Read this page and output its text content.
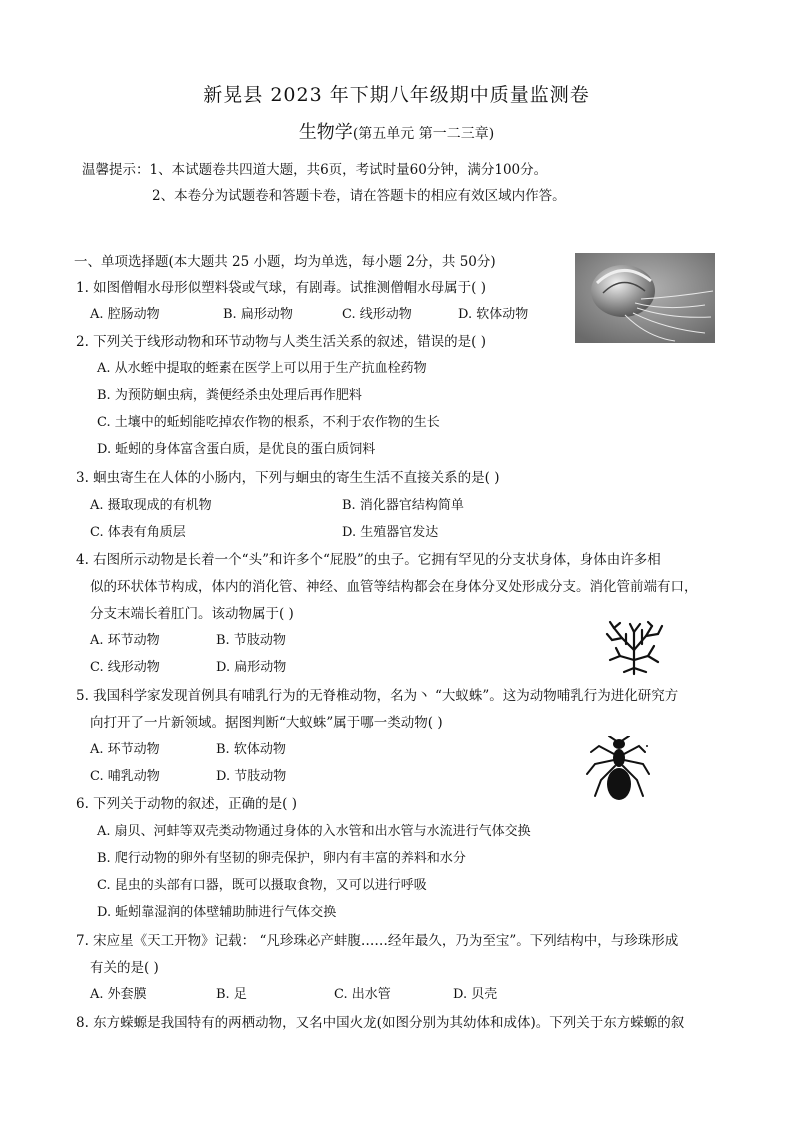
新晃县 2023 年下期八年级期中质量监测卷
生物学(第五单元 第一二三章)
温馨提示：1、本试题卷共四道大题，共6页，考试时量60分钟，满分100分。
2、本卷分为试题卷和答题卡卷，请在答题卡的相应有效区域内作答。
一、单项选择题(本大题共 25 小题，均为单选，每小题 2分，共 50分)
1. 如图僧帽水母形似塑料袋或气球，有剧毒。试推测僧帽水母属于( )
A. 腔肠动物	B. 扁形动物	C. 线形动物	D. 软体动物
2. 下列关于线形动物和环节动物与人类生活关系的叙述，错误的是( )
A. 从水蛭中提取的蛭素在医学上可以用于生产抗血栓药物
B. 为预防蛔虫病，粪便经杀虫处理后再作肥料
C. 土壤中的蚯蚓能吃掉农作物的根系，不利于农作物的生长
D. 蚯蚓的身体富含蛋白质，是优良的蛋白质饲料
3. 蛔虫寄生在人体的小肠内，下列与蛔虫的寄生生活不直接关系的是( )
A. 摄取现成的有机物	B. 消化器官结构简单
C. 体表有角质层	D. 生殖器官发达
4. 右图所示动物是长着一个“头”和许多个“屁股”的虫子。它拥有罕见的分支状身体，身体由许多相
似的环状体节构成，体内的消化管、神经、血管等结构都会在身体分叉处形成分支。消化管前端有口，
分支末端长着肛门。该动物属于( )
A. 环节动物	B. 节肢动物
C. 线形动物	D. 扁形动物
5. 我国科学家发现首例具有哺乳行为的无脊椎动物，名为丶 “大蚁蛛”。这为动物哺乳行为进化研究方
向打开了一片新领域。据图判断“大蚁蛛”属于哪一类动物( )
A. 环节动物	B. 软体动物
C. 哺乳动物	D. 节肢动物
6. 下列关于动物的叙述，正确的是( )
A. 扇贝、河蚌等双壳类动物通过身体的入水管和出水管与水流进行气体交换
B. 爬行动物的卵外有坚韧的卵壳保护，卵内有丰富的养料和水分
C. 昆虫的头部有口器，既可以摄取食物，又可以进行呼吸
D. 蚯蚓靠湿润的体壁辅助肺进行气体交换
7. 宋应星《天工开物》记载： “凡珍珠必产蚌腹……经年最久，乃为至宝”。下列结构中，与珍珠形成
有关的是( )
A. 外套膜	B. 足	C. 出水管	D. 贝壳
8. 东方蝾螈是我国特有的两栖动物，又名中国火龙(如图分别为其幼体和成体)。下列关于东方蝾螈的叙
